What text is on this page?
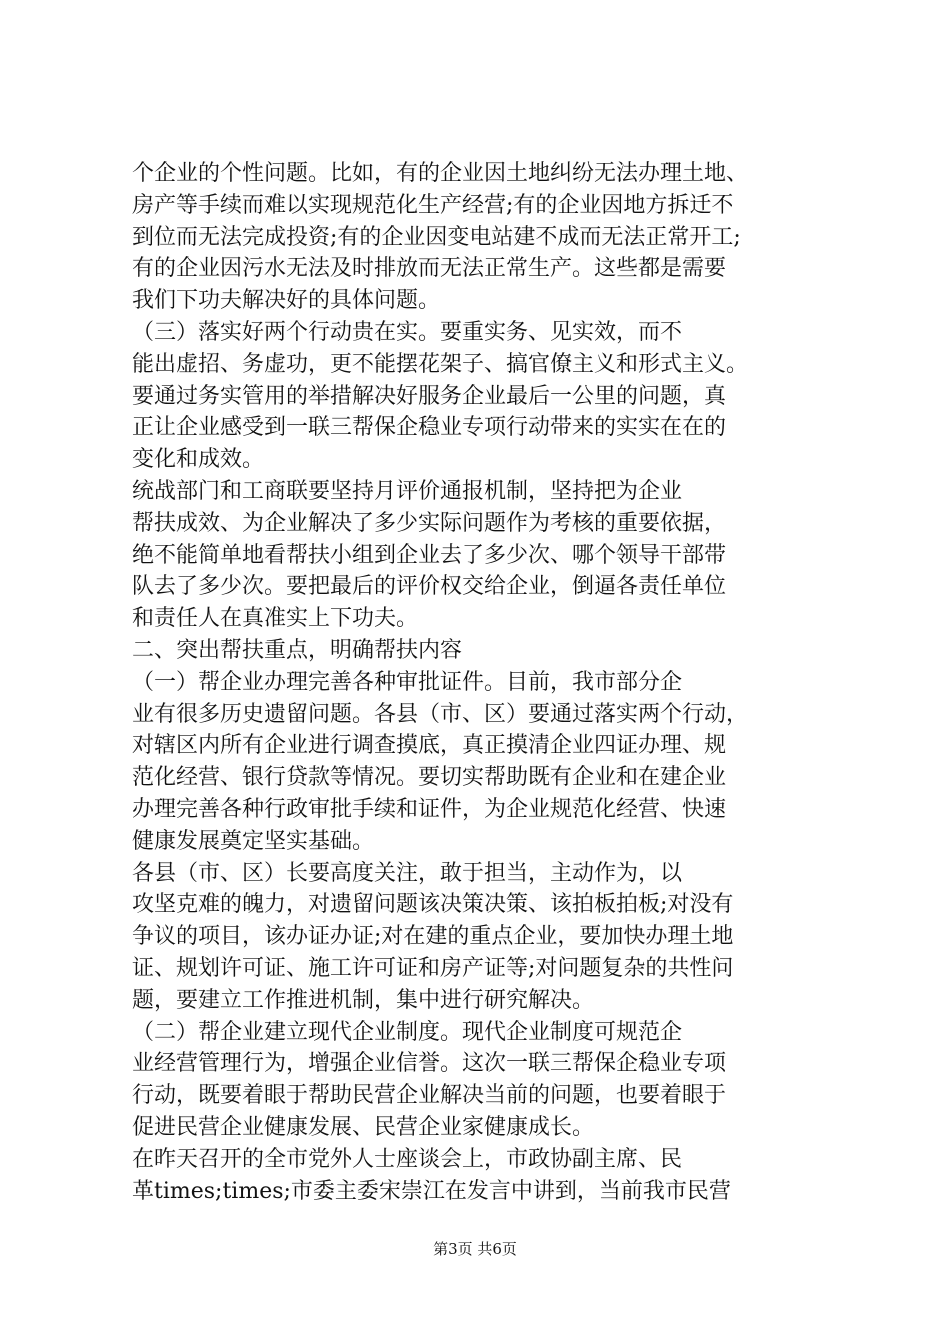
个企业的个性问题。比如，有的企业因土地纠纷无法办理土地、
房产等手续而难以实现规范化生产经营;有的企业因地方拆迁不
到位而无法完成投资;有的企业因变电站建不成而无法正常开工;
有的企业因污水无法及时排放而无法正常生产。这些都是需要
我们下功夫解决好的具体问题。
（三）落实好两个行动贵在实。要重实务、见实效，而不
能出虚招、务虚功，更不能摆花架子、搞官僚主义和形式主义。
要通过务实管用的举措解决好服务企业最后一公里的问题，真
正让企业感受到一联三帮保企稳业专项行动带来的实实在在的
变化和成效。
统战部门和工商联要坚持月评价通报机制，坚持把为企业
帮扶成效、为企业解决了多少实际问题作为考核的重要依据，
绝不能简单地看帮扶小组到企业去了多少次、哪个领导干部带
队去了多少次。要把最后的评价权交给企业，倒逼各责任单位
和责任人在真准实上下功夫。
二、突出帮扶重点，明确帮扶内容
（一）帮企业办理完善各种审批证件。目前，我市部分企
业有很多历史遗留问题。各县（市、区）要通过落实两个行动，
对辖区内所有企业进行调查摸底，真正摸清企业四证办理、规
范化经营、银行贷款等情况。要切实帮助既有企业和在建企业
办理完善各种行政审批手续和证件，为企业规范化经营、快速
健康发展奠定坚实基础。
各县（市、区）长要高度关注，敢于担当，主动作为，以
攻坚克难的魄力，对遗留问题该决策决策、该拍板拍板;对没有
争议的项目，该办证办证;对在建的重点企业，要加快办理土地
证、规划许可证、施工许可证和房产证等;对问题复杂的共性问
题，要建立工作推进机制，集中进行研究解决。
（二）帮企业建立现代企业制度。现代企业制度可规范企
业经营管理行为，增强企业信誉。这次一联三帮保企稳业专项
行动，既要着眼于帮助民营企业解决当前的问题，也要着眼于
促进民营企业健康发展、民营企业家健康成长。
在昨天召开的全市党外人士座谈会上，市政协副主席、民
革times;times;市委主委宋崇江在发言中讲到，当前我市民营
第3页 共6页
